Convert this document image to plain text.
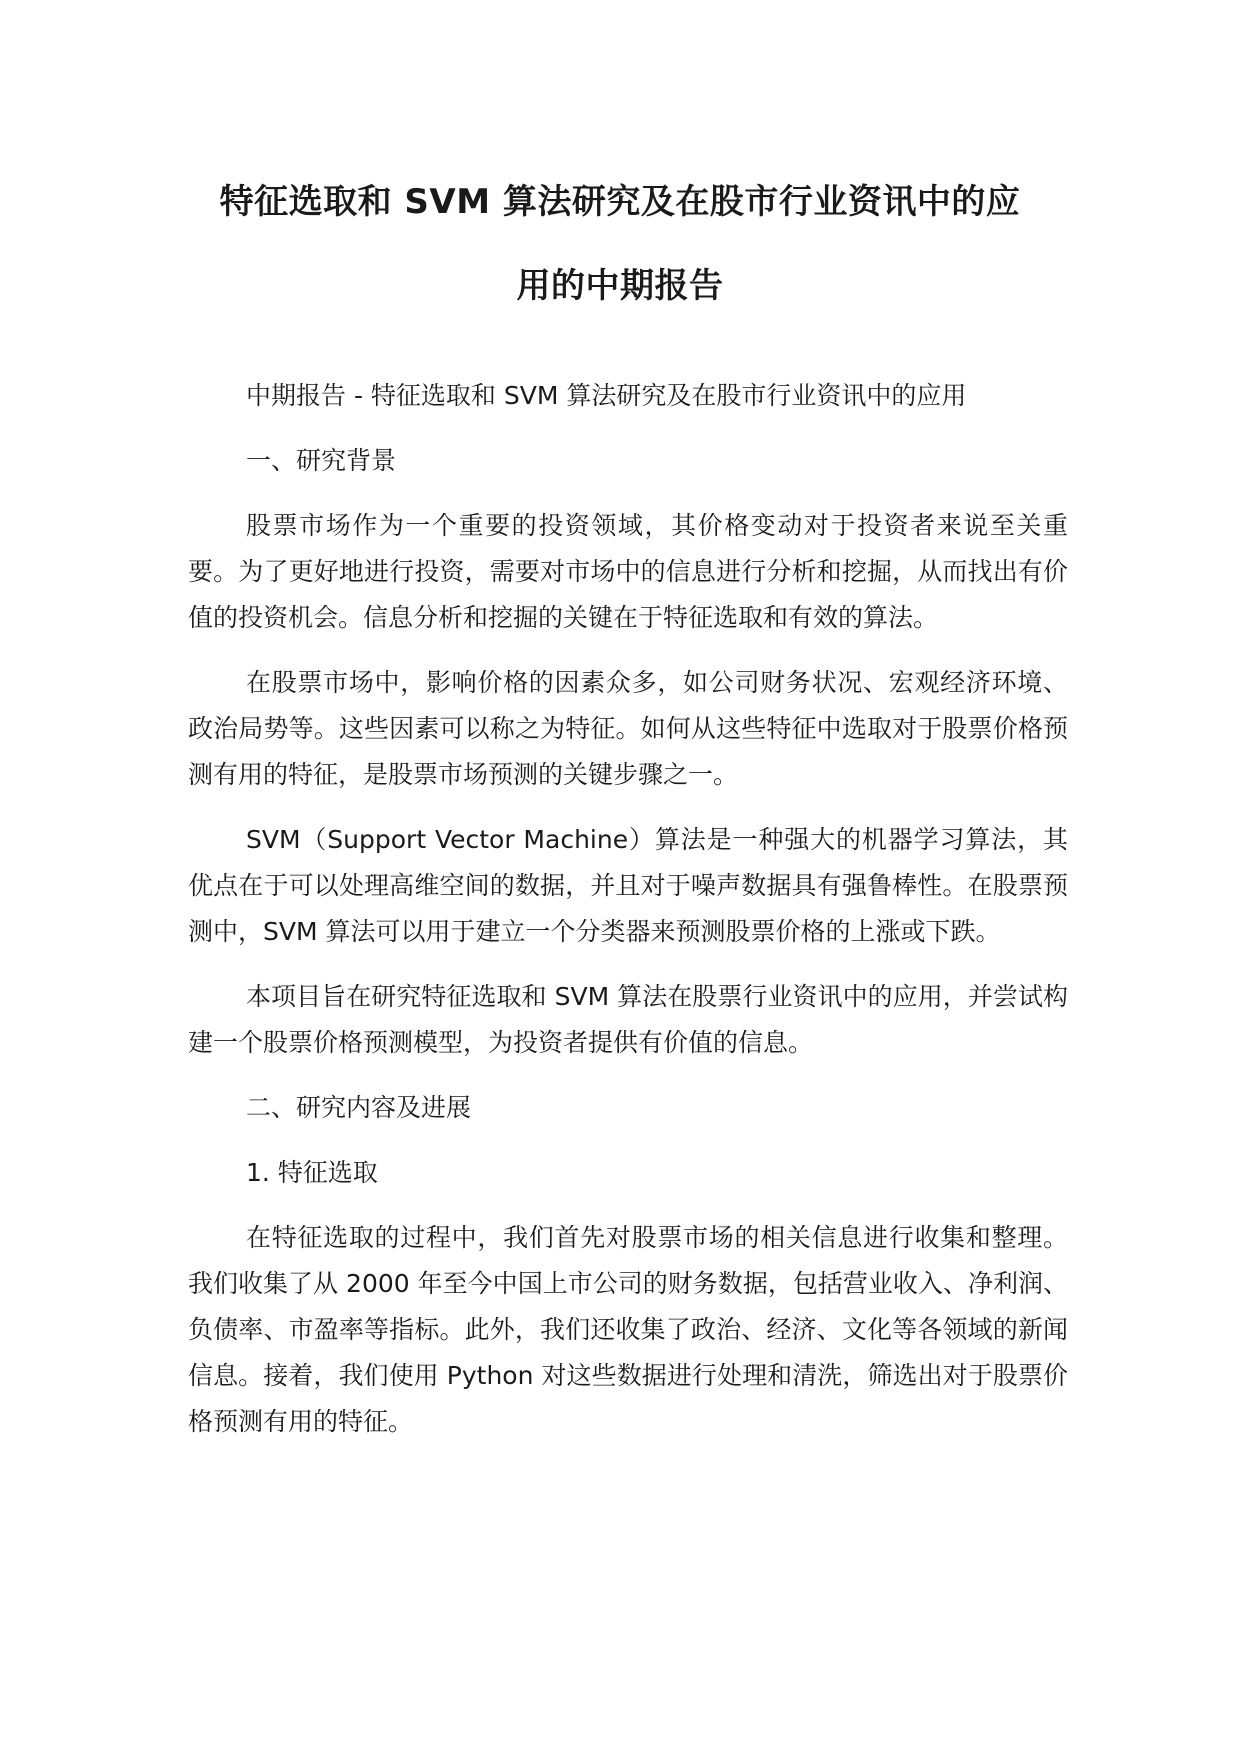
特征选取和 SVM 算法研究及在股市行业资讯中的应
用的中期报告

中期报告 - 特征选取和 SVM 算法研究及在股市行业资讯中的应用

一、研究背景

股票市场作为一个重要的投资领域，其价格变动对于投资者来说至关重要。为了更好地进行投资，需要对市场中的信息进行分析和挖掘，从而找出有价值的投资机会。信息分析和挖掘的关键在于特征选取和有效的算法。

在股票市场中，影响价格的因素众多，如公司财务状况、宏观经济环境、政治局势等。这些因素可以称之为特征。如何从这些特征中选取对于股票价格预测有用的特征，是股票市场预测的关键步骤之一。

SVM（Support Vector Machine）算法是一种强大的机器学习算法，其优点在于可以处理高维空间的数据，并且对于噪声数据具有强鲁棒性。在股票预测中，SVM 算法可以用于建立一个分类器来预测股票价格的上涨或下跌。

本项目旨在研究特征选取和 SVM 算法在股票行业资讯中的应用，并尝试构建一个股票价格预测模型，为投资者提供有价值的信息。

二、研究内容及进展

1. 特征选取

在特征选取的过程中，我们首先对股票市场的相关信息进行收集和整理。我们收集了从 2000 年至今中国上市公司的财务数据，包括营业收入、净利润、负债率、市盈率等指标。此外，我们还收集了政治、经济、文化等各领域的新闻信息。接着，我们使用 Python 对这些数据进行处理和清洗，筛选出对于股票价格预测有用的特征。
